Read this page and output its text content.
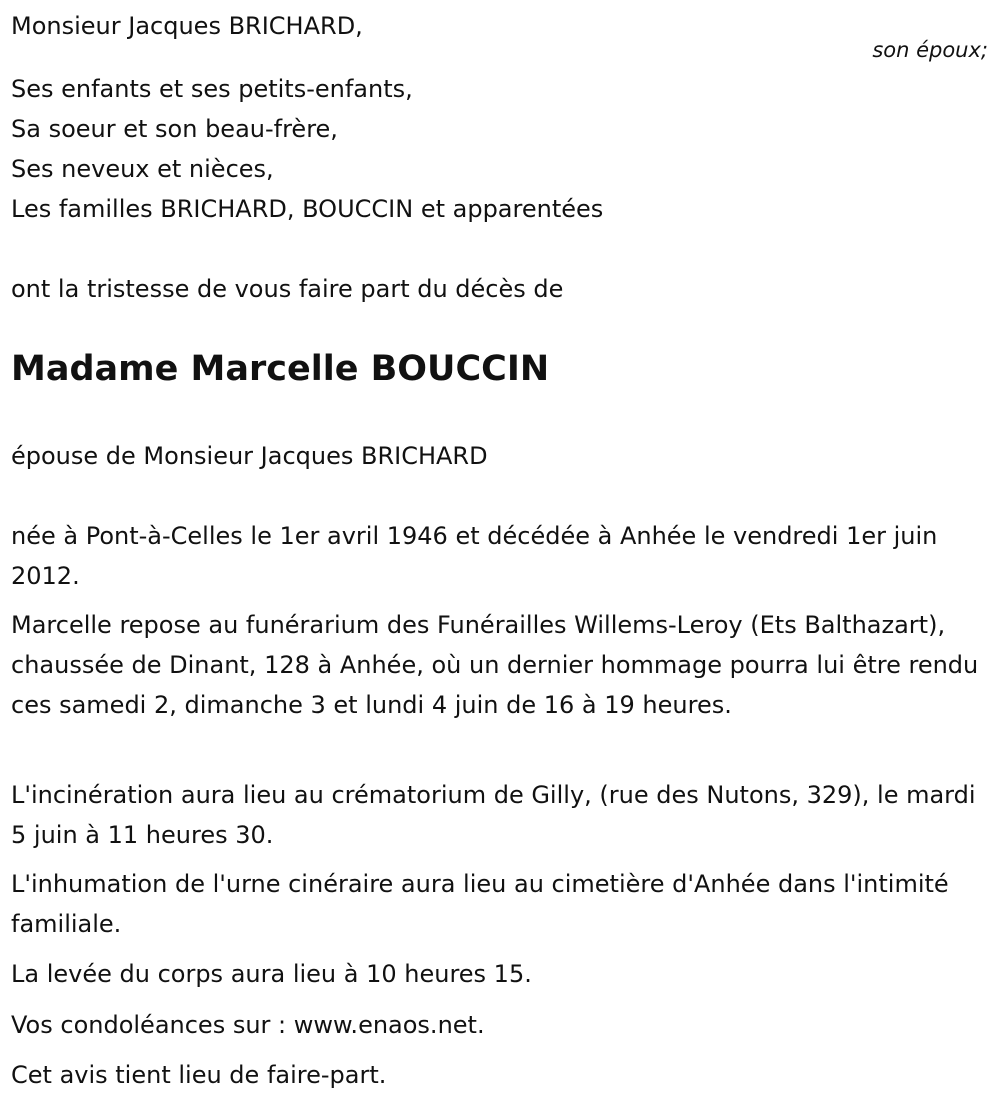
Monsieur Jacques BRICHARD,
son époux;
Ses enfants et ses petits-enfants,
Sa soeur et son beau-frère,
Ses neveux et nièces,
Les familles BRICHARD, BOUCCIN et apparentées
ont la tristesse de vous faire part du décès de
Madame Marcelle BOUCCIN
épouse de Monsieur Jacques BRICHARD
née à Pont-à-Celles le 1er avril 1946 et décédée à Anhée le vendredi 1er juin 2012.
Marcelle repose au funérarium des Funérailles Willems-Leroy (Ets Balthazart), chaussée de Dinant, 128 à Anhée, où un dernier hommage pourra lui être rendu ces samedi 2, dimanche 3 et lundi 4 juin de 16 à 19 heures.
L'incinération aura lieu au crématorium de Gilly, (rue des Nutons, 329), le mardi 5 juin à 11 heures 30.
L'inhumation de l'urne cinéraire aura lieu au cimetière d'Anhée dans l'intimité familiale.
La levée du corps aura lieu à 10 heures 15.
Vos condoléances sur : www.enaos.net.
Cet avis tient lieu de faire-part.
